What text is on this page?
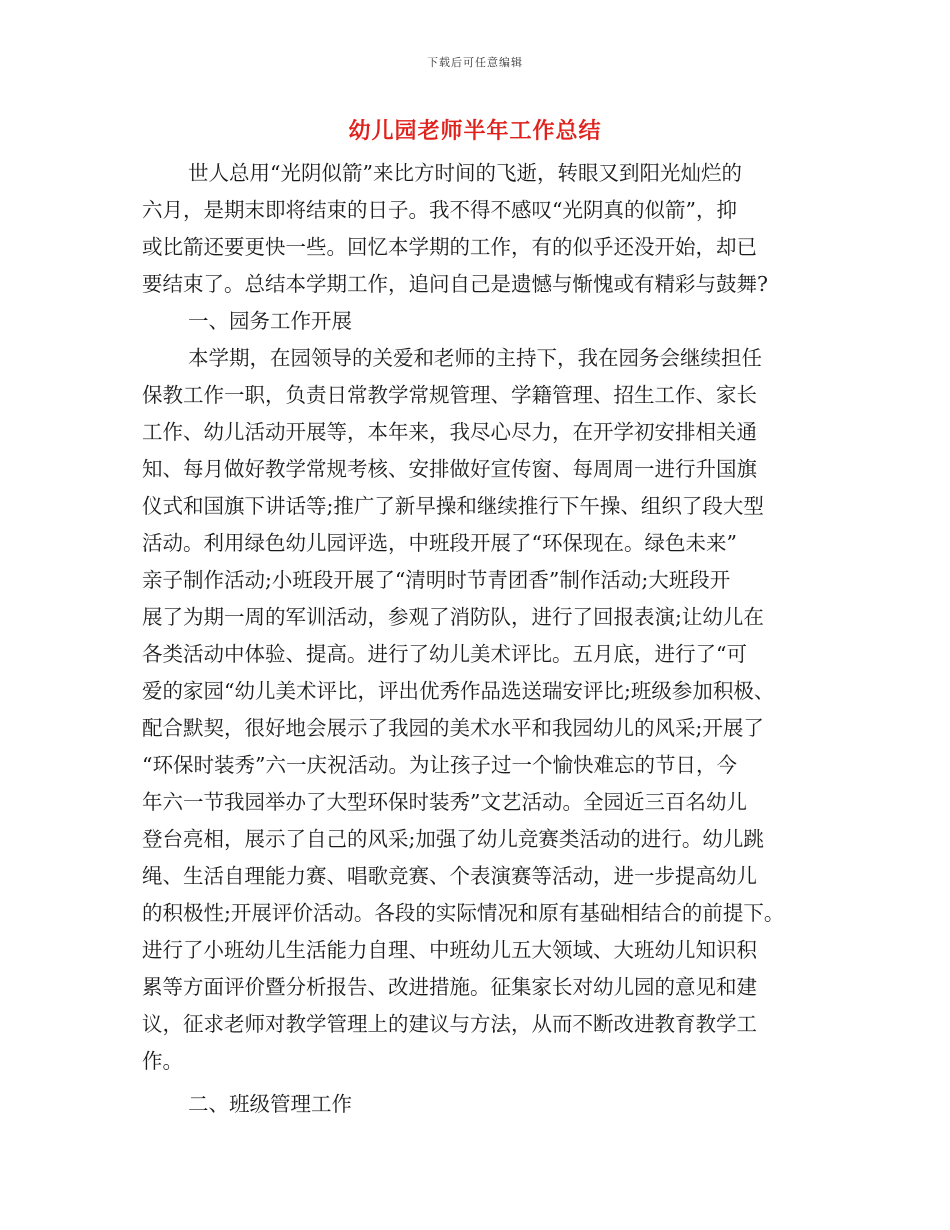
下载后可任意编辑
幼儿园老师半年工作总结
世人总用“光阴似箭”来比方时间的飞逝，转眼又到阳光灿烂的
六月，是期末即将结束的日子。我不得不感叹“光阴真的似箭”，抑
或比箭还要更快一些。回忆本学期的工作，有的似乎还没开始，却已
要结束了。总结本学期工作，追问自己是遗憾与惭愧或有精彩与鼓舞?
一、园务工作开展
本学期，在园领导的关爱和老师的主持下，我在园务会继续担任
保教工作一职，负责日常教学常规管理、学籍管理、招生工作、家长
工作、幼儿活动开展等，本年来，我尽心尽力，在开学初安排相关通
知、每月做好教学常规考核、安排做好宣传窗、每周周一进行升国旗
仪式和国旗下讲话等;推广了新早操和继续推行下午操、组织了段大型
活动。利用绿色幼儿园评选，中班段开展了“环保现在。绿色未来”
亲子制作活动;小班段开展了“清明时节青团香”制作活动;大班段开
展了为期一周的军训活动，参观了消防队，进行了回报表演;让幼儿在
各类活动中体验、提高。进行了幼儿美术评比。五月底，进行了“可
爱的家园“幼儿美术评比，评出优秀作品选送瑞安评比;班级参加积极、
配合默契，很好地会展示了我园的美术水平和我园幼儿的风采;开展了
“环保时装秀”六一庆祝活动。为让孩子过一个愉快难忘的节日，今
年六一节我园举办了大型环保时装秀”文艺活动。全园近三百名幼儿
登台亮相，展示了自己的风采;加强了幼儿竞赛类活动的进行。幼儿跳
绳、生活自理能力赛、唱歌竞赛、个表演赛等活动，进一步提高幼儿
的积极性;开展评价活动。各段的实际情况和原有基础相结合的前提下。
进行了小班幼儿生活能力自理、中班幼儿五大领域、大班幼儿知识积
累等方面评价暨分析报告、改进措施。征集家长对幼儿园的意见和建
议，征求老师对教学管理上的建议与方法，从而不断改进教育教学工
作。
二、班级管理工作
